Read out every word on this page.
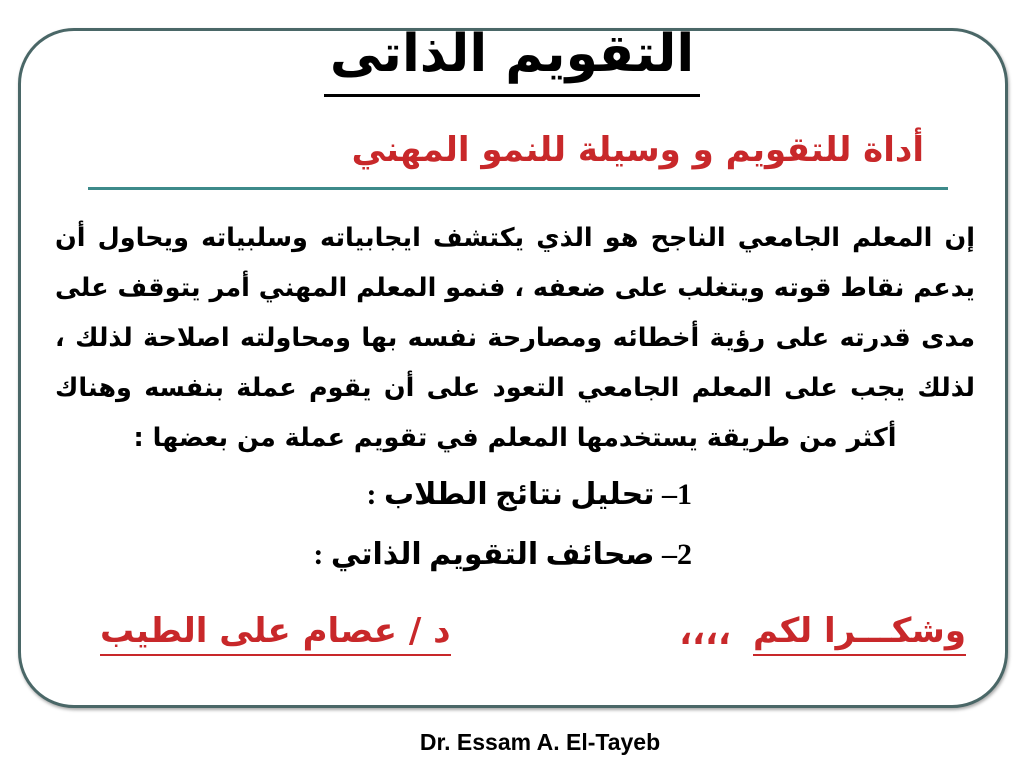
التقويم الذاتى
أداة للتقويم و وسيلة للنمو المهني
إن المعلم الجامعي الناجح هو الذي يكتشف ايجابياته وسلبياته ويحاول أن
يدعم نقاط قوته ويتغلب على ضعفه ، فنمو المعلم المهني أمر يتوقف على
مدى قدرته على رؤية أخطائه ومصارحة نفسه بها ومحاولته اصلاحة لذلك ،
لذلك يجب على المعلم الجامعي التعود على أن يقوم عملة بنفسه وهناك
أكثر من طريقة يستخدمها المعلم في تقويم عملة من بعضها :
1– تحليل نتائج الطلاب :
2– صحائف التقويم الذاتي :
وشكـــرا لكم
،،،،
د / عصام على الطيب
Dr. Essam A. El-Tayeb
